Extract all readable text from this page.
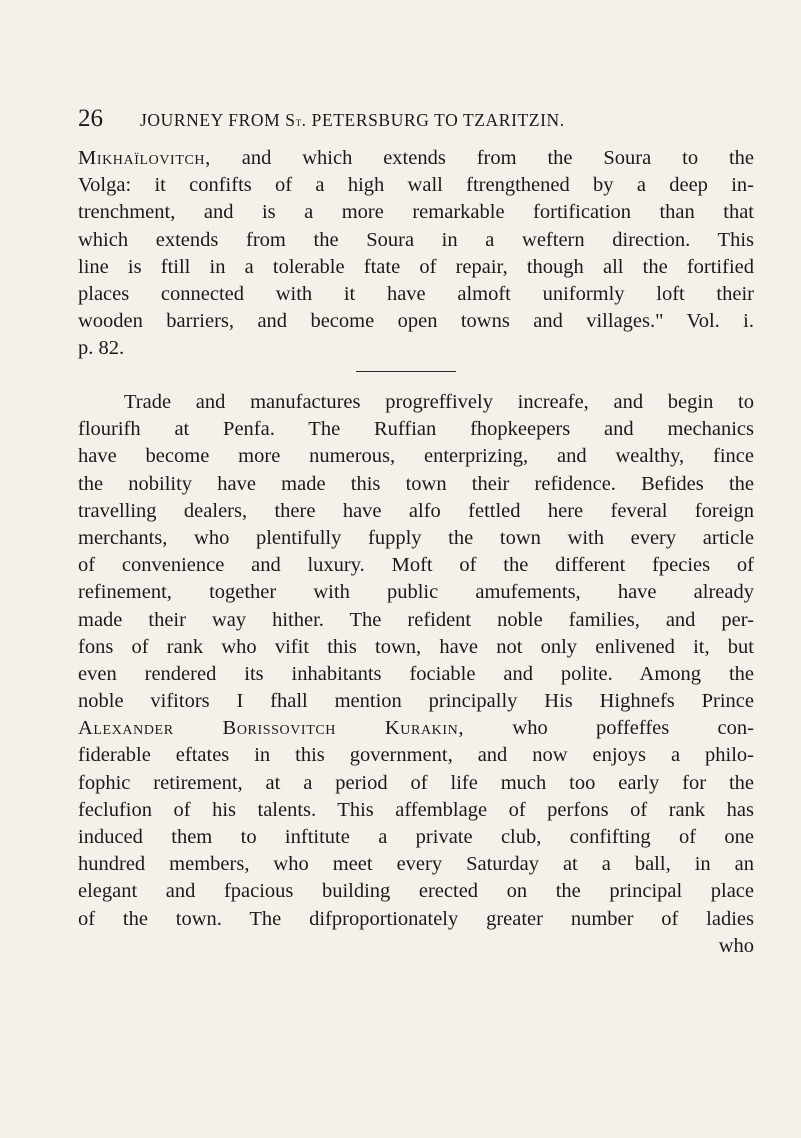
26 JOURNEY FROM St. PETERSBURG TO TZARITZIN.
Mikhaïlovitch, and which extends from the Soura to the
Volga: it confifts of a high wall ftrengthened by a deep in-
trenchment, and is a more remarkable fortification than that
which extends from the Soura in a weftern direction. This
line is ftill in a tolerable ftate of repair, though all the fortified
places connected with it have almoft uniformly loft their
wooden barriers, and become open towns and villages." Vol. i.
p. 82.
Trade and manufactures progreffively increafe, and begin to
flourifh at Penfa. The Ruffian fhopkeepers and mechanics
have become more numerous, enterprizing, and wealthy, fince
the nobility have made this town their refidence. Befides the
travelling dealers, there have alfo fettled here feveral foreign
merchants, who plentifully fupply the town with every article
of convenience and luxury. Moft of the different fpecies of
refinement, together with public amufements, have already
made their way hither. The refident noble families, and per-
fons of rank who vifit this town, have not only enlivened it, but
even rendered its inhabitants fociable and polite. Among the
noble vifitors I fhall mention principally His Highnefs Prince
Alexander Borissovitch Kurakin, who poffeffes con-
fiderable eftates in this government, and now enjoys a philo-
fophic retirement, at a period of life much too early for the
feclufion of his talents. This affemblage of perfons of rank has
induced them to inftitute a private club, confifting of one
hundred members, who meet every Saturday at a ball, in an
elegant and fpacious building erected on the principal place
of the town. The difproportionately greater number of ladies
who
